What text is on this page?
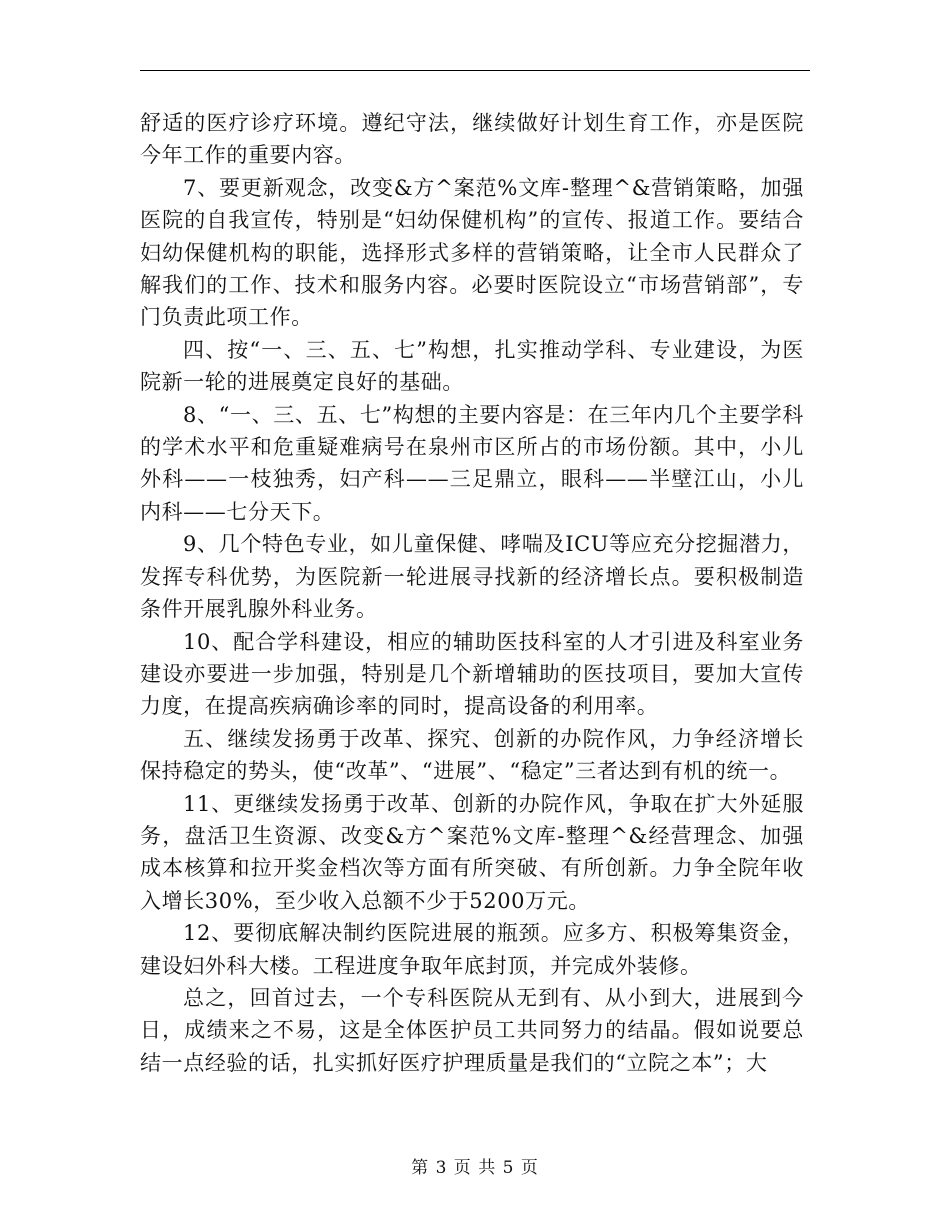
舒适的医疗诊疗环境。遵纪守法，继续做好计划生育工作，亦是医院今年工作的重要内容。

7、要更新观念，改变&方^案范%文库-整理^&营销策略，加强医院的自我宣传，特别是“妇幼保健机构”的宣传、报道工作。要结合妇幼保健机构的职能，选择形式多样的营销策略，让全市人民群众了解我们的工作、技术和服务内容。必要时医院设立“市场营销部”，专门负责此项工作。

四、按“一、三、五、七”构想，扎实推动学科、专业建设，为医院新一轮的进展奠定良好的基础。

8、“一、三、五、七”构想的主要内容是：在三年内几个主要学科的学术水平和危重疑难病号在泉州市区所占的市场份额。其中，小儿外科——一枝独秀，妇产科——三足鼎立，眼科——半壁江山，小儿内科——七分天下。

9、几个特色专业，如儿童保健、哮喘及ICU等应充分挖掘潜力，发挥专科优势，为医院新一轮进展寻找新的经济增长点。要积极制造条件开展乳腺外科业务。

10、配合学科建设，相应的辅助医技科室的人才引进及科室业务建设亦要进一步加强，特别是几个新增辅助的医技项目，要加大宣传力度，在提高疾病确诊率的同时，提高设备的利用率。

五、继续发扬勇于改革、探究、创新的办院作风，力争经济增长保持稳定的势头，使“改革”、“进展”、“稳定”三者达到有机的统一。

11、更继续发扬勇于改革、创新的办院作风，争取在扩大外延服务，盘活卫生资源、改变&方^案范%文库-整理^&经营理念、加强成本核算和拉开奖金档次等方面有所突破、有所创新。力争全院年收入增长30%，至少收入总额不少于5200万元。

12、要彻底解决制约医院进展的瓶颈。应多方、积极筹集资金，建设妇外科大楼。工程进度争取年底封顶，并完成外装修。

总之，回首过去，一个专科医院从无到有、从小到大，进展到今日，成绩来之不易，这是全体医护员工共同努力的结晶。假如说要总结一点经验的话，扎实抓好医疗护理质量是我们的“立院之本”；大

第 3 页 共 5 页
